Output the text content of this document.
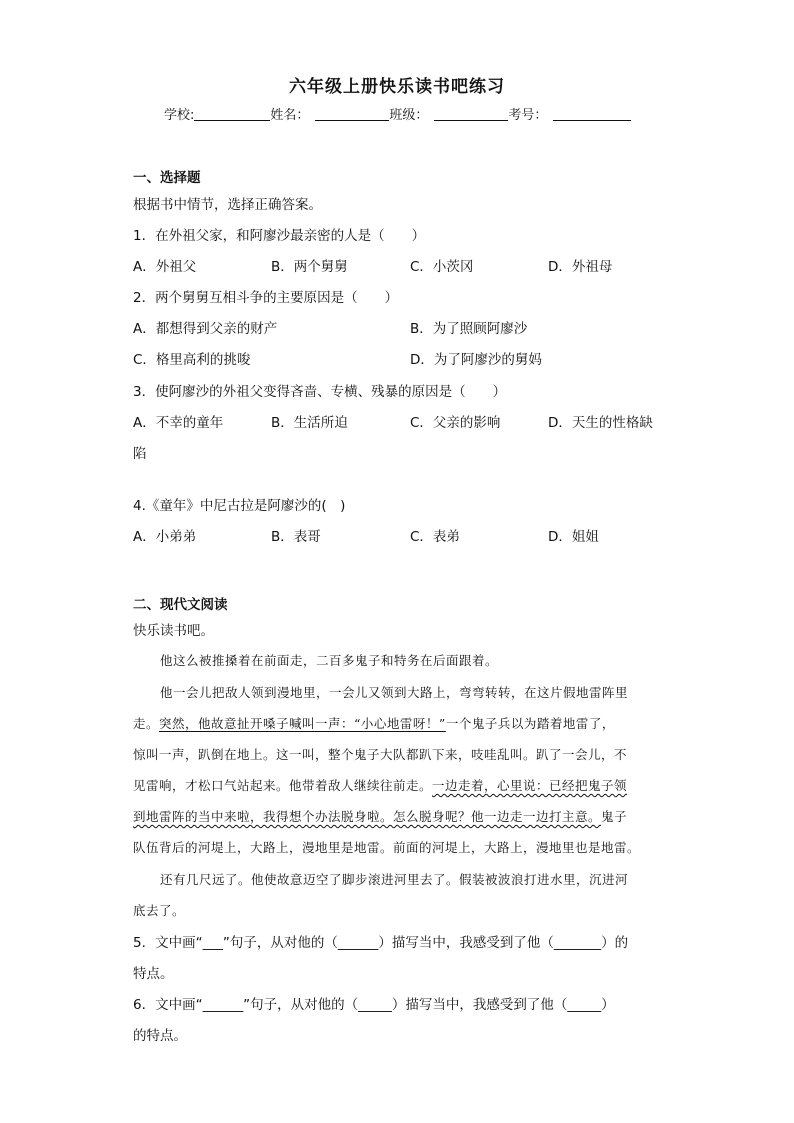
六年级上册快乐读书吧练习
学校:	姓名：	班级：	考号：
一、选择题
根据书中情节，选择正确答案。
1．在外祖父家，和阿廖沙最亲密的人是（　　）
A．外祖父	B．两个舅舅	C．小茨冈	D．外祖母
2．两个舅舅互相斗争的主要原因是（　　）
A．都想得到父亲的财产	B．为了照顾阿廖沙
C．格里高利的挑唆	D．为了阿廖沙的舅妈
3．使阿廖沙的外祖父变得吝啬、专横、残暴的原因是（　　）
A．不幸的童年	B．生活所迫	C．父亲的影响	D．天生的性格缺
陷
4.《童年》中尼古拉是阿廖沙的(　)
A．小弟弟	B．表哥	C．表弟	D．姐姐
二、现代文阅读
快乐读书吧。
他这么被推搡着在前面走，二百多鬼子和特务在后面跟着。
他一会儿把敌人领到漫地里，一会儿又领到大路上，弯弯转转，在这片假地雷阵里
走。突然，他故意扯开嗓子喊叫一声：“小心地雷呀！”一个鬼子兵以为踏着地雷了，
惊叫一声，趴倒在地上。这一叫，整个鬼子大队都趴下来，吱哇乱叫。趴了一会儿，不
见雷响，才松口气站起来。他带着敌人继续往前走。一边走着，心里说：已经把鬼子领
到地雷阵的当中来啦，我得想个办法脱身啦。怎么脱身呢？他一边走一边打主意。鬼子
队伍背后的河堤上，大路上，漫地里是地雷。前面的河堤上，大路上，漫地里也是地雷。
还有几尺远了。他使故意迈空了脚步滚进河里去了。假装被波浪打进水里，沉进河
底去了。
5．文中画“___”句子，从对他的（______）描写当中，我感受到了他（_______）的
特点。
6．文中画“______”句子，从对他的（_____）描写当中，我感受到了他（_____）
的特点。
